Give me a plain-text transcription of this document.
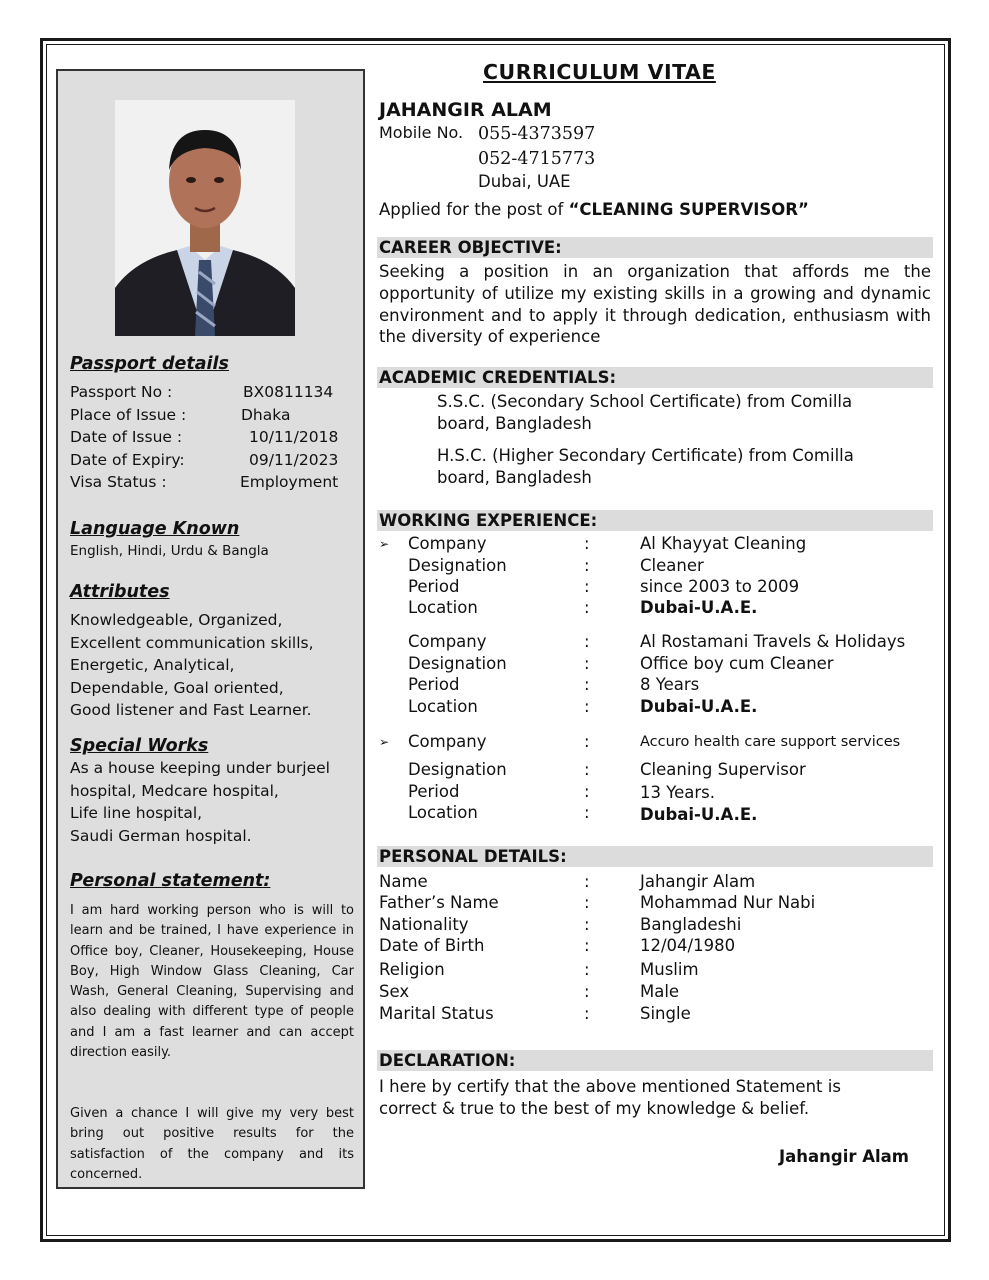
Passport details
Passport No :	BX0811134
Place of Issue :	Dhaka
Date of Issue :	10/11/2018
Date of Expiry:	09/11/2023
Visa Status :	Employment
Language Known
English, Hindi, Urdu & Bangla
Attributes
Knowledgeable, Organized,
Excellent communication skills,
Energetic, Analytical,
Dependable, Goal oriented,
Good listener and Fast Learner.
Special Works
As a house keeping under burjeel
hospital, Medcare hospital,
Life line hospital,
Saudi German hospital.
Personal statement:
I am hard working person who is will to learn and be trained, I have experience in Office boy, Cleaner, Housekeeping, House Boy, High Window Glass Cleaning, Car Wash, General Cleaning, Supervising and also dealing with different type of people and I am a fast learner and can accept direction easily.
Given a chance I will give my very best bring out positive results for the satisfaction of the company and its concerned.
CURRICULUM VITAE
JAHANGIR ALAM
Mobile No. 055-4373597
052-4715773
Dubai, UAE
Applied for the post of “CLEANING SUPERVISOR”
CAREER OBJECTIVE:
Seeking a position in an organization that affords me the opportunity of utilize my existing skills in a growing and dynamic environment and to apply it through dedication, enthusiasm with the diversity of experience
ACADEMIC CREDENTIALS:
S.S.C. (Secondary School Certificate) from Comilla board, Bangladesh
H.S.C. (Higher Secondary Certificate) from Comilla board, Bangladesh
WORKING EXPERIENCE:
➢ Company	:	Al Khayyat Cleaning
Designation	:	Cleaner
Period	:	since 2003 to 2009
Location	:	Dubai-U.A.E.
Company	:	Al Rostamani Travels & Holidays
Designation	:	Office boy cum Cleaner
Period	:	8 Years
Location	:	Dubai-U.A.E.
➢ Company	:	Accuro health care support services
Designation	:	Cleaning Supervisor
Period	:	13 Years.
Location	:	Dubai-U.A.E.
PERSONAL DETAILS:
Name	:	Jahangir Alam
Father’s Name	:	Mohammad Nur Nabi
Nationality	:	Bangladeshi
Date of Birth	:	12/04/1980
Religion	:	Muslim
Sex	:	Male
Marital Status	:	Single
DECLARATION:
I here by certify that the above mentioned Statement is correct & true to the best of my knowledge & belief.
Jahangir Alam
